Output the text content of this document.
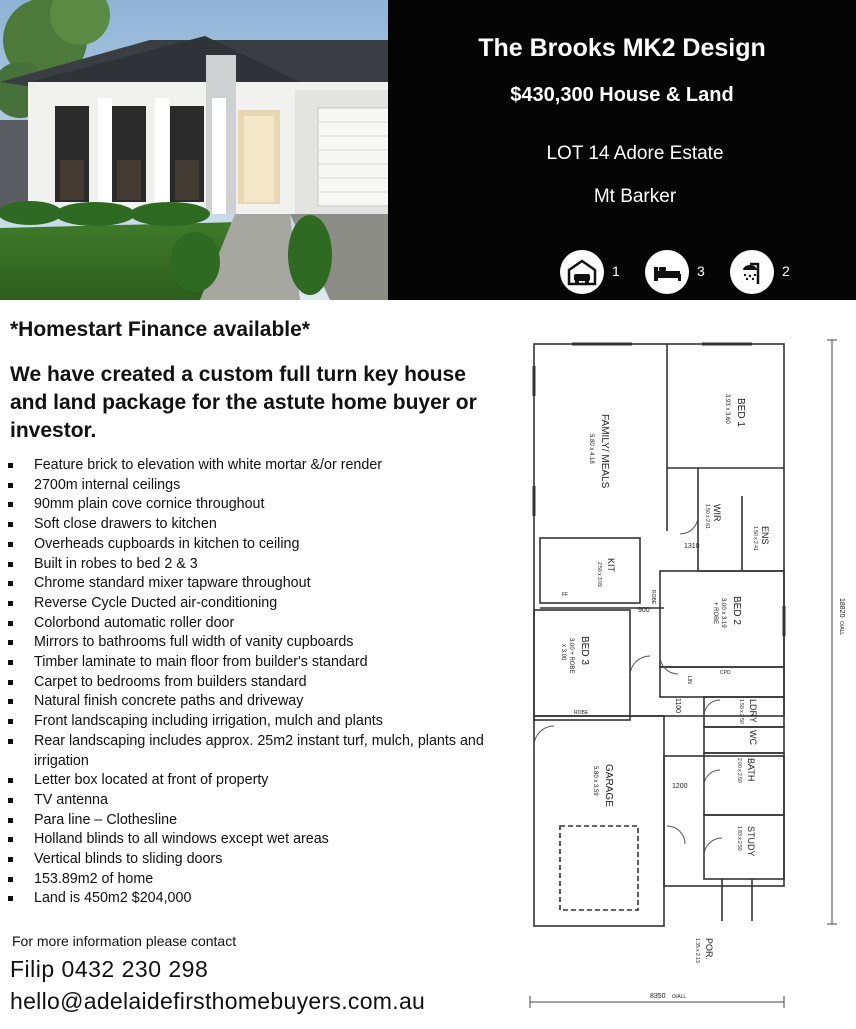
The Brooks MK2 Design
$430,300 House & Land
LOT 14 Adore Estate
Mt Barker
1	3	2
*Homestart Finance available*
We have created a custom full turn key house and land package for the astute home buyer or investor.
Feature brick to elevation with white mortar &/or render
2700m internal ceilings
90mm plain cove cornice throughout
Soft close drawers to kitchen
Overheads cupboards in kitchen to ceiling
Built in robes to bed 2 & 3
Chrome standard mixer tapware throughout
Reverse Cycle Ducted air-conditioning
Colorbond automatic roller door
Mirrors to bathrooms full width of vanity cupboards
Timber laminate to main floor from builder's standard
Carpet to bedrooms from builders standard
Natural finish concrete paths and driveway
Front landscaping including irrigation, mulch and plants
Rear landscaping includes approx. 25m2 instant turf, mulch, plants and irrigation
Letter box located at front of property
TV antenna
Para line – Clothesline
Holland blinds to all windows except wet areas
Vertical blinds to sliding doors
153.89m2 of home
Land is 450m2 $204,000
For more information please contact
Filip 0432 230 298
hello@adelaidefirsthomebuyers.com.au
FAMILY/ MEALS
5.80 x 4.18
BED 1
3.93 x 3.60
WIR
1.50 x 2.61
ENS
1.50 x 2.41
KIT
2.50 x 3.09
BED 2
3.00 x 3.19
+ ROBE
BED 3
3.00 + ROBE
x 3.00
LDRY
1.50 x 2.50
WC
BATH
2.00 x 2.50
GARAGE
5.80 x 3.59
STUDY
1.83 x 2.50
POR.
1.35 x 2.13
ROBE
ROBE
FF
LIN
CPD
1310
900
1100
1200
8350 O/ALL
18820
O/ALL
